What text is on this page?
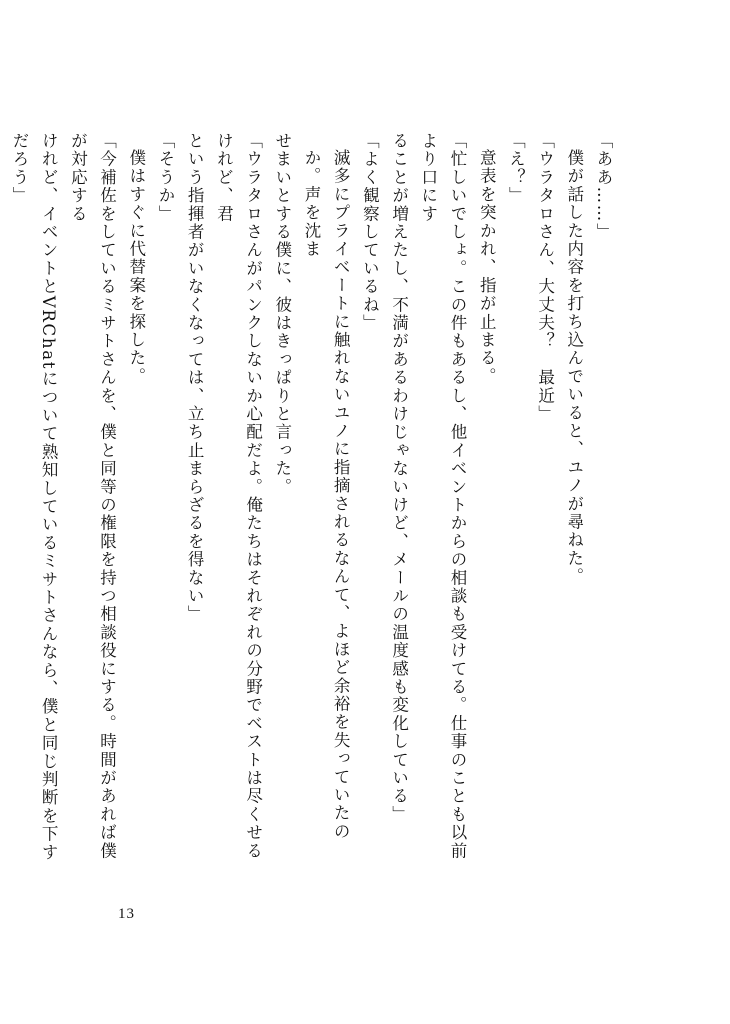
「ああ……」
僕が話した内容を打ち込んでいると、ユノが尋ねた。
「ウラタロさん、大丈夫？　最近」
「え？」
意表を突かれ、指が止まる。
「忙しいでしょ。この件もあるし、他イベントからの相談も受けてる。仕事のことも以前より口にす
ることが増えたし、不満があるわけじゃないけど、メールの温度感も変化している」
「よく観察しているね」
滅多にプライベートに触れないユノに指摘されるなんて、よほど余裕を失っていたのか。声を沈ま
せまいとする僕に、彼はきっぱりと言った。
「ウラタロさんがパンクしないか心配だよ。俺たちはそれぞれの分野でベストは尽くせるけれど、君
という指揮者がいなくなっては、立ち止まらざるを得ない」
「そうか」
僕はすぐに代替案を探した。
「今補佐をしているミサトさんを、僕と同等の権限を持つ相談役にする。時間があれば僕が対応する
けれど、イベントとVRChatについて熟知しているミサトさんなら、僕と同じ判断を下すだろう」
13
